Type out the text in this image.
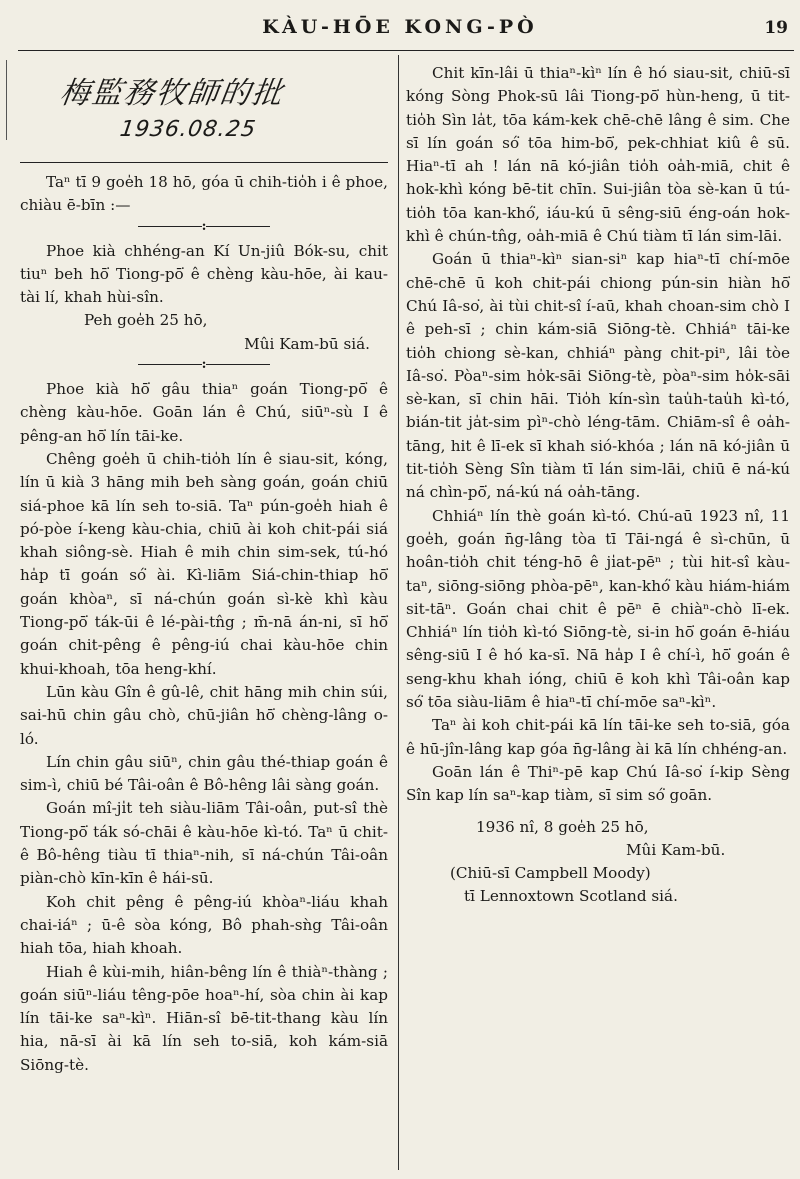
KÀU-HŌE KONG-PÒ	19
梅監務牧師的批
1936.08.25

Taⁿ tī 9 goe̍h 18 hō, góa ū chih-tio̍h i ê phoe, chiàu ē-bīn :—

:

Phoe kià chhéng-an Kí Un-jiû Bók-su, chit tiuⁿ beh hō͘ Tiong-pō͘ ê chèng kàu-hōe, ài kau-tài lí, khah hùi-sîn.

Peh goe̍h 25 hō,

Mûi Kam-bū siá.

:

Phoe kià hō͘ gâu thiaⁿ goán Tiong-pō͘ ê chèng kàu-hōe. Goān lán ê Chú, siūⁿ-sù I ê pêng-an hō͘ lín tāi-ke.

Chêng goe̍h ū chih-tio̍h lín ê siau-sit, kóng, lín ū kià 3 hāng mih beh sàng goán, goán chiū siá-phoe kā lín seh to-siā. Taⁿ pún-goe̍h hiah ê pó-pòe í-keng kàu-chia, chiū ài koh chit-pái siá khah siông-sè. Hiah ê mih chin sim-sek, tú-hó ha̍p tī goán só͘ ài. Kì-liām Siá-chin-thiap hō͘ goán khòaⁿ, sī ná-chún goán sì-kè khì kàu Tiong-pō͘ ták-ūi ê lé-pài-tn̂g ; m̄-nā án-ni, sī hō͘ goán chit-pêng ê pêng-iú chai kàu-hōe chin khui-khoah, tōa heng-khí.

Lūn kàu Gîn ê gû-lê, chit hāng mih chin súi, sai-hū chin gâu chò, chū-jiân hō͘ chèng-lâng o-ló.

Lín chin gâu siūⁿ, chin gâu thé-thiap goán ê sim-ì, chiū bé Tâi-oân ê Bô-hêng lâi sàng goán.

Goán mî-ji̍t teh siàu-liām Tâi-oân, put-sî thè Tiong-pō͘ ták só-chāi ê kàu-hōe kì-tó. Taⁿ ū chit-ê Bô-hêng tiàu tī thiaⁿ-nih, sī ná-chún Tâi-oân piàn-chò kīn-kīn ê hái-sū.

Koh chit pêng ê pêng-iú khòaⁿ-liáu khah chai-iáⁿ ; ū-ê sòa kóng, Bô phah-sǹg Tâi-oân hiah tōa, hiah khoah.

Hiah ê kùi-mih, hiân-bêng lín ê thiàⁿ-thàng ; goán siūⁿ-liáu têng-pōe hoaⁿ-hí, sòa chin ài kap lín tāi-ke saⁿ-kìⁿ. Hiān-sî bē-tit-thang kàu lín hia, nā-sī ài kā lín seh to-siā, koh kám-siā Siōng-tè.

Chit kīn-lâi ū thiaⁿ-kìⁿ lín ê hó siau-sit, chiū-sī kóng Sòng Phok-sū lâi Tiong-pō͘ hùn-heng, ū tit-tio̍h Sìn la̍t, tōa kám-kek chē-chē lâng ê sim. Che sī lín goán só͘ tōa him-bō͘, pek-chhiat kiû ê sū. Hiaⁿ-tī ah ! lán nā kó-jiân tio̍h oa̍h-miā, chit ê hok-khì kóng bē-tit chīn. Sui-jiân tòa sè-kan ū tú-tio̍h tōa kan-khó͘, iáu-kú ū sêng-siū éng-oán hok-khì ê chún-tn̂g, oa̍h-miā ê Chú tiàm tī lán sim-lāi.

Goán ū thiaⁿ-kìⁿ sian-siⁿ kap hiaⁿ-tī chí-mōe chē-chē ū koh chit-pái chiong pún-sin hiàn hō͘ Chú Iâ-so͘, ài tùi chit-sî í-aū, khah choan-sim chò I ê peh-sī ; chin kám-siā Siōng-tè. Chhiáⁿ tāi-ke tio̍h chiong sè-kan, chhiáⁿ pàng chit-piⁿ, lâi tòe Iâ-so͘. Pòaⁿ-sim ho̍k-sāi Siōng-tè, pòaⁿ-sim ho̍k-sāi sè-kan, sī chin hāi. Tio̍h kín-sìn tau̍h-tau̍h kì-tó, bián-tit ja̍t-sim pìⁿ-chò léng-tām. Chiām-sî ê oa̍h-tāng, hit ê lī-ek sī khah sió-khóa ; lán nā kó-jiân ū tit-tio̍h Sèng Sîn tiàm tī lán sim-lāi, chiū ē ná-kú ná chìn-pō͘, ná-kú ná oa̍h-tāng.

Chhiáⁿ lín thè goán kì-tó. Chú-aū 1923 nî, 11 goe̍h, goán n̄g-lâng tòa tī Tāi-ngá ê sì-chūn, ū hoân-tio̍h chit téng-hō ê ji̍at-pēⁿ ; tùi hit-sî kàu-taⁿ, siōng-siōng phòa-pēⁿ, kan-khó͘ kàu hiám-hiám sit-tāⁿ. Goán chai chit ê pēⁿ ē chiàⁿ-chò lī-ek. Chhiáⁿ lín tio̍h kì-tó Siōng-tè, si-in hō͘ goán ē-hiáu sêng-siū I ê hó ka-sī. Nā ha̍p I ê chí-ì, hō͘ goán ê seng-khu khah ióng, chiū ē koh khì Tâi-oân kap só͘ tōa siàu-liām ê hiaⁿ-tī chí-mōe saⁿ-kìⁿ.

Taⁿ ài koh chit-pái kā lín tāi-ke seh to-siā, góa ê hū-jîn-lâng kap góa n̄g-lâng ài kā lín chhéng-an.

Goān lán ê Thiⁿ-pē kap Chú Iâ-so͘ í-kip Sèng Sîn kap lín saⁿ-kap tiàm, sī sim só͘ goān.

1936 nî, 8 goe̍h 25 hō,

Mûi Kam-bū.

(Chiū-sī Campbell Moody)

tī Lennoxtown Scotland siá.
